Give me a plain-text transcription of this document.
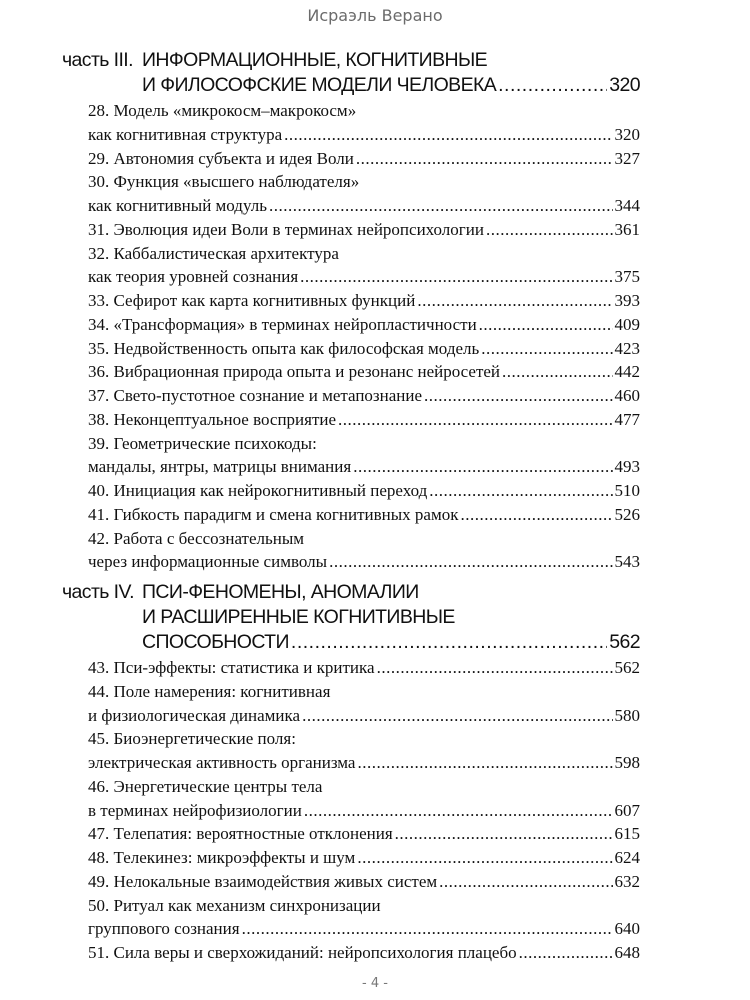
Исраэль Верано
часть III. ИНФОРМАЦИОННЫЕ, КОГНИТИВНЫЕ
И ФИЛОСОФСКИЕ МОДЕЛИ ЧЕЛОВЕКА .....	320
28. Модель «микрокосм–макрокосм»
как когнитивная структура .....	320
29. Автономия субъекта и идея Воли .....	327
30. Функция «высшего наблюдателя»
как когнитивный модуль .....	344
31. Эволюция идеи Воли в терминах нейропсихологии .....	361
32. Каббалистическая архитектура
как теория уровней сознания .....	375
33. Сефирот как карта когнитивных функций .....	393
34. «Трансформация» в терминах нейропластичности .....	409
35. Недвойственность опыта как философская модель .....	423
36. Вибрационная природа опыта и резонанс нейросетей .....	442
37. Свето-пустотное сознание и метапознание .....	460
38. Неконцептуальное восприятие .....	477
39. Геометрические психокоды:
мандалы, янтры, матрицы внимания .....	493
40. Инициация как нейрокогнитивный переход .....	510
41. Гибкость парадигм и смена когнитивных рамок .....	526
42. Работа с бессознательным
через информационные символы .....	543
часть IV. ПСИ-ФЕНОМЕНЫ, АНОМАЛИИ
И РАСШИРЕННЫЕ КОГНИТИВНЫЕ
СПОСОБНОСТИ .....	562
43. Пси-эффекты: статистика и критика .....	562
44. Поле намерения: когнитивная
и физиологическая динамика .....	580
45. Биоэнергетические поля:
электрическая активность организма .....	598
46. Энергетические центры тела
в терминах нейрофизиологии .....	607
47. Телепатия: вероятностные отклонения .....	615
48. Телекинез: микроэффекты и шум .....	624
49. Нелокальные взаимодействия живых систем .....	632
50. Ритуал как механизм синхронизации
группового сознания .....	640
51. Сила веры и сверхожиданий: нейропсихология плацебо .....	648
- 4 -
